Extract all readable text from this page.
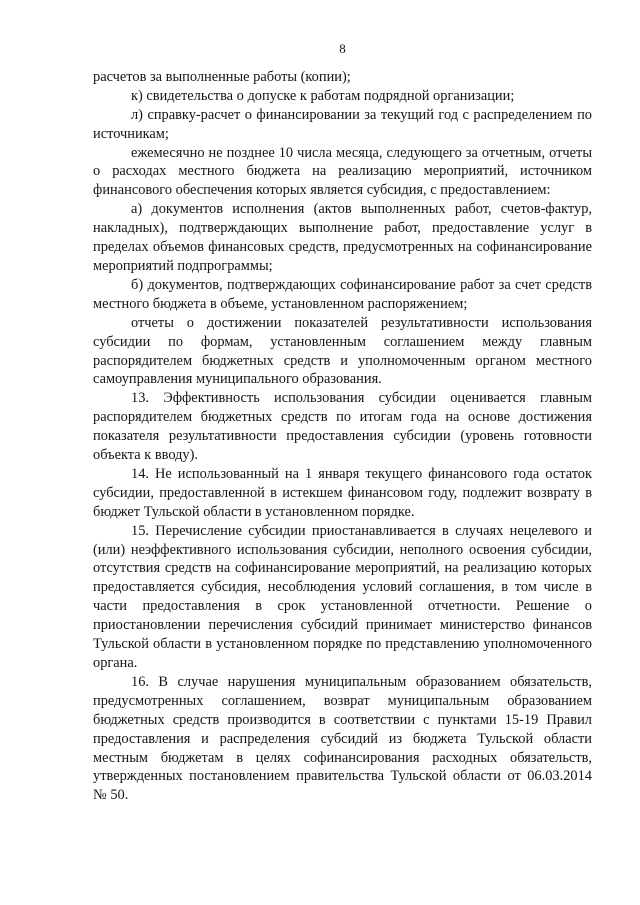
8

расчетов за выполненные работы (копии);

к) свидетельства о допуске к работам подрядной организации;

л) справку-расчет о финансировании за текущий год с распределением по источникам;

ежемесячно не позднее 10 числа месяца, следующего за отчетным, отчеты о расходах местного бюджета на реализацию мероприятий, источником финансового обеспечения которых является субсидия, с предоставлением:

а) документов исполнения (актов выполненных работ, счетов-фактур, накладных), подтверждающих выполнение работ, предоставление услуг в пределах объемов финансовых средств, предусмотренных на софинансирование мероприятий подпрограммы;

б) документов, подтверждающих софинансирование работ за счет средств местного бюджета в объеме, установленном распоряжением;

отчеты о достижении показателей результативности использования субсидии по формам, установленным соглашением между главным распорядителем бюджетных средств и уполномоченным органом местного самоуправления муниципального образования.

13. Эффективность использования субсидии оценивается главным распорядителем бюджетных средств по итогам года на основе достижения показателя результативности предоставления субсидии (уровень готовности объекта к вводу).

14. Не использованный на 1 января текущего финансового года остаток субсидии, предоставленной в истекшем финансовом году, подлежит возврату в бюджет Тульской области в установленном порядке.

15. Перечисление субсидии приостанавливается в случаях нецелевого и (или) неэффективного использования субсидии, неполного освоения субсидии, отсутствия средств на софинансирование мероприятий, на реализацию которых предоставляется субсидия, несоблюдения условий соглашения, в том числе в части предоставления в срок установленной отчетности. Решение о приостановлении перечисления субсидий принимает министерство финансов Тульской области в установленном порядке по представлению уполномоченного органа.

16. В случае нарушения муниципальным образованием обязательств, предусмотренных соглашением, возврат муниципальным образованием бюджетных средств производится в соответствии с пунктами 15-19 Правил предоставления и распределения субсидий из бюджета Тульской области местным бюджетам в целях софинансирования расходных обязательств, утвержденных постановлением правительства Тульской области от 06.03.2014 № 50.
